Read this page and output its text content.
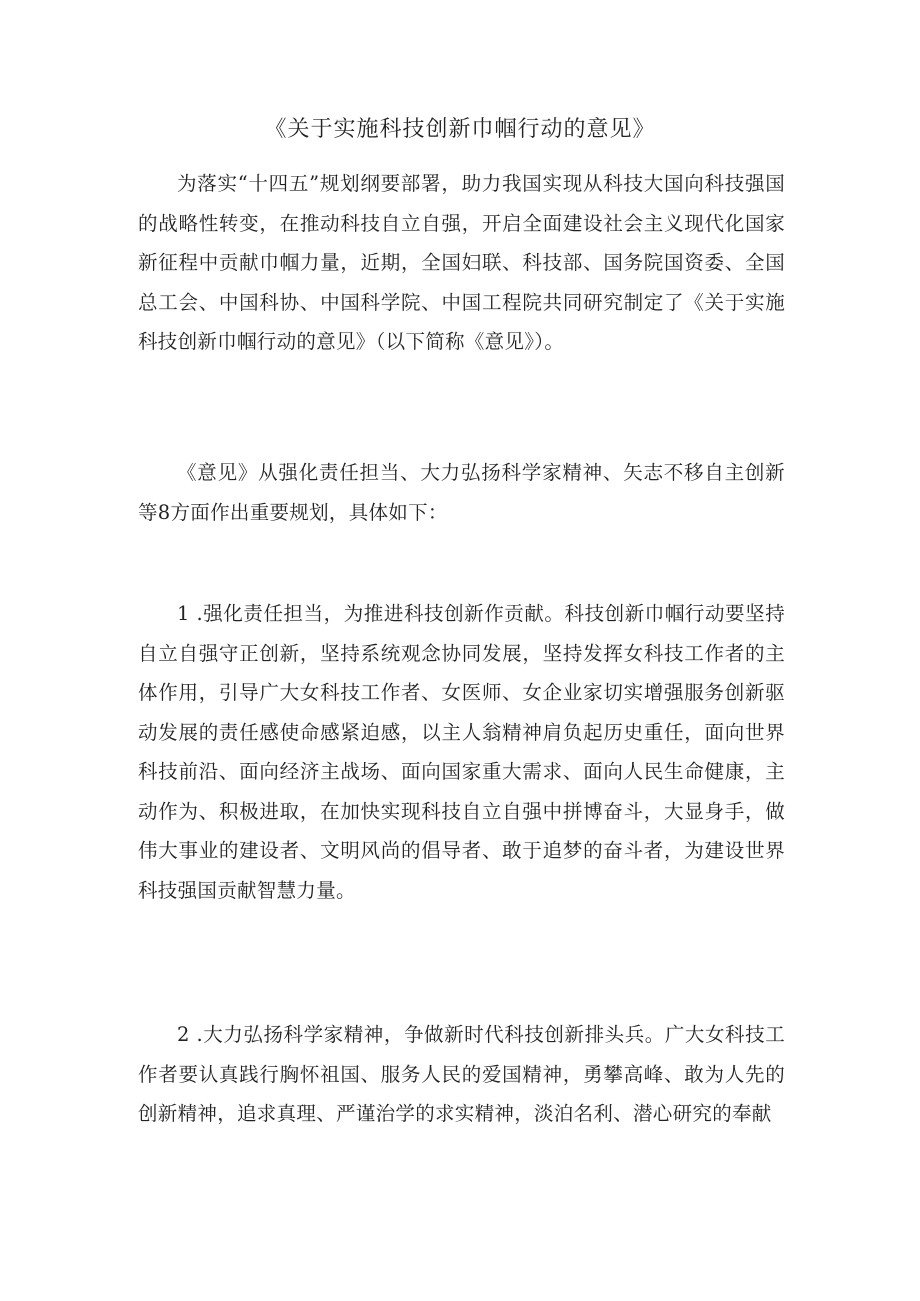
《关于实施科技创新巾帼行动的意见》

为落实“十四五”规划纲要部署，助力我国实现从科技大国向科技强国的战略性转变，在推动科技自立自强，开启全面建设社会主义现代化国家新征程中贡献巾帼力量，近期，全国妇联、科技部、国务院国资委、全国总工会、中国科协、中国科学院、中国工程院共同研究制定了《关于实施科技创新巾帼行动的意见》（以下简称《意见》）。

《意见》从强化责任担当、大力弘扬科学家精神、矢志不移自主创新等8方面作出重要规划，具体如下：

1 .强化责任担当，为推进科技创新作贡献。科技创新巾帼行动要坚持自立自强守正创新，坚持系统观念协同发展，坚持发挥女科技工作者的主体作用，引导广大女科技工作者、女医师、女企业家切实增强服务创新驱动发展的责任感使命感紧迫感，以主人翁精神肩负起历史重任，面向世界科技前沿、面向经济主战场、面向国家重大需求、面向人民生命健康，主动作为、积极进取，在加快实现科技自立自强中拼博奋斗，大显身手，做伟大事业的建设者、文明风尚的倡导者、敢于追梦的奋斗者，为建设世界科技强国贡献智慧力量。

2 .大力弘扬科学家精神，争做新时代科技创新排头兵。广大女科技工作者要认真践行胸怀祖国、服务人民的爱国精神，勇攀高峰、敢为人先的创新精神，追求真理、严谨治学的求实精神，淡泊名利、潜心研究的奉献
